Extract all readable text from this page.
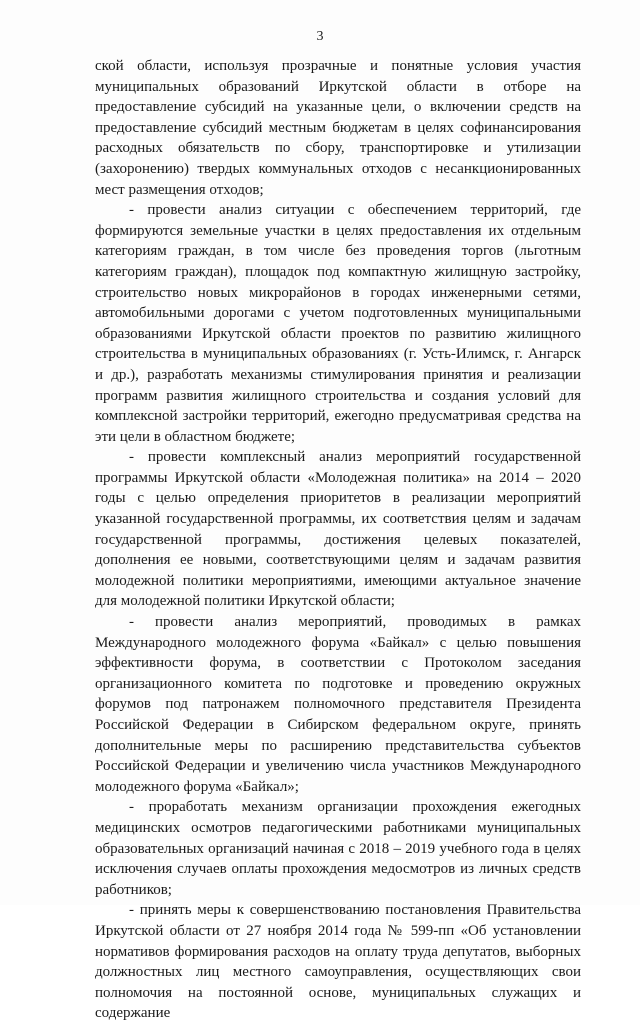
3

ской области, используя прозрачные и понятные условия участия муниципальных образований Иркутской области в отборе на предоставление субсидий на указанные цели, о включении средств на предоставление субсидий местным бюджетам в целях софинансирования расходных обязательств по сбору, транспортировке и утилизации (захоронению) твердых коммунальных отходов с несанкционированных мест размещения отходов;

- провести анализ ситуации с обеспечением территорий, где формируются земельные участки в целях предоставления их отдельным категориям граждан, в том числе без проведения торгов (льготным категориям граждан), площадок под компактную жилищную застройку, строительство новых микрорайонов в городах инженерными сетями, автомобильными дорогами с учетом подготовленных муниципальными образованиями Иркутской области проектов по развитию жилищного строительства в муниципальных образованиях (г. Усть-Илимск, г. Ангарск и др.), разработать механизмы стимулирования принятия и реализации программ развития жилищного строительства и создания условий для комплексной застройки территорий, ежегодно предусматривая средства на эти цели в областном бюджете;

- провести комплексный анализ мероприятий государственной программы Иркутской области «Молодежная политика» на 2014 – 2020 годы с целью определения приоритетов в реализации мероприятий указанной государственной программы, их соответствия целям и задачам государственной программы, достижения целевых показателей, дополнения ее новыми, соответствующими целям и задачам развития молодежной политики мероприятиями, имеющими актуальное значение для молодежной политики Иркутской области;

- провести анализ мероприятий, проводимых в рамках Международного молодежного форума «Байкал» с целью повышения эффективности форума, в соответствии с Протоколом заседания организационного комитета по подготовке и проведению окружных форумов под патронажем полномочного представителя Президента Российской Федерации в Сибирском федеральном округе, принять дополнительные меры по расширению представительства субъектов Российской Федерации и увеличению числа участников Международного молодежного форума «Байкал»;

- проработать механизм организации прохождения ежегодных медицинских осмотров педагогическими работниками муниципальных образовательных организаций начиная с 2018 – 2019 учебного года в целях исключения случаев оплаты прохождения медосмотров из личных средств работников;

- принять меры к совершенствованию постановления Правительства Иркутской области от 27 ноября 2014 года № 599-пп «Об установлении нормативов формирования расходов на оплату труда депутатов, выборных должностных лиц местного самоуправления, осуществляющих свои полномочия на постоянной основе, муниципальных служащих и содержание
